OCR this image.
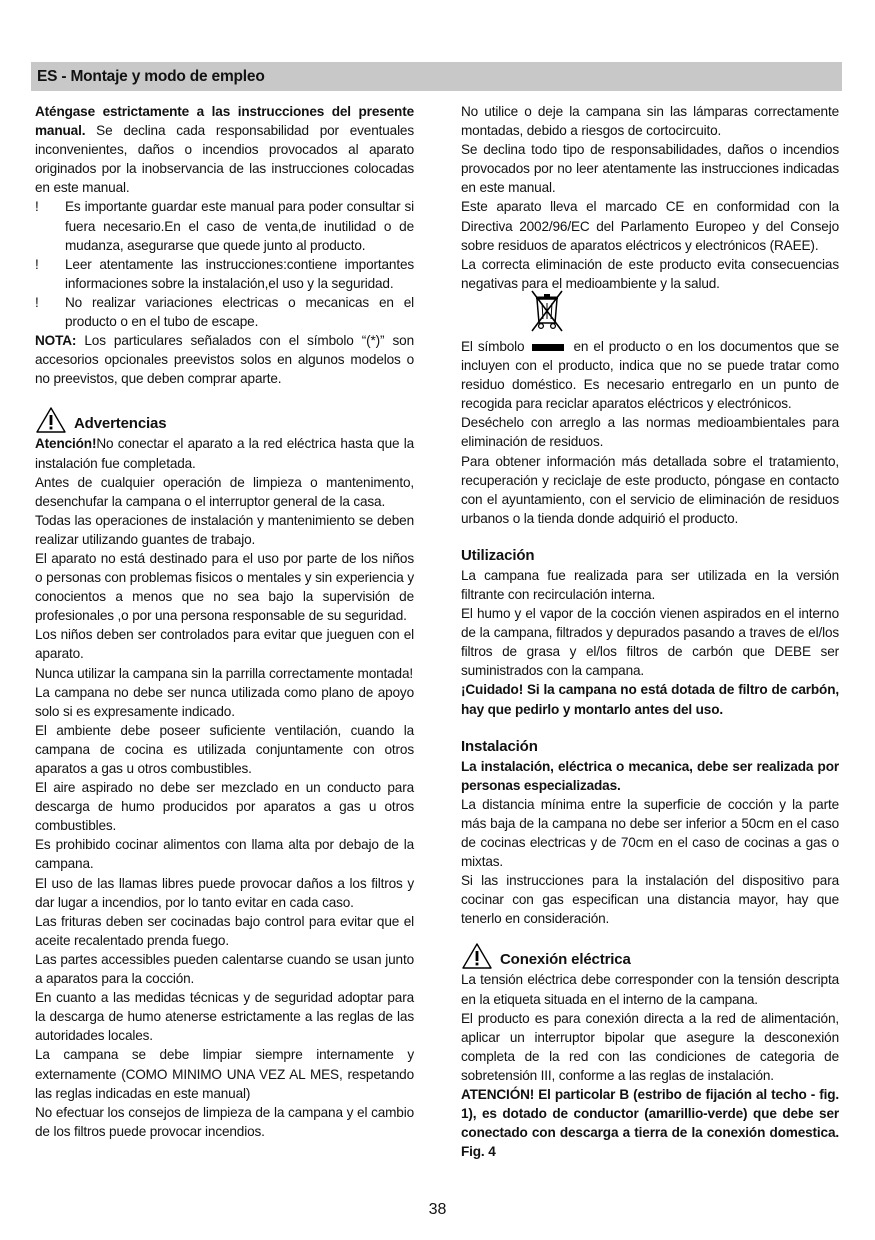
ES - Montaje y modo de empleo

Aténgase estrictamente a las instrucciones del presente manual. Se declina cada responsabilidad por eventuales inconvenientes, daños o incendios provocados al aparato originados por la inobservancia de las instrucciones colocadas en este manual.

! Es importante guardar este manual para poder consultar si fuera necesario.En el caso de venta,de inutilidad o de mudanza, asegurarse que quede junto al producto.
! Leer atentamente las instrucciones:contiene importantes informaciones sobre la instalación,el uso y la seguridad.
! No realizar variaciones electricas o mecanicas en el producto o en el tubo de escape.

NOTA: Los particulares señalados con el símbolo “(*)” son accesorios opcionales preevistos solos en algunos modelos o no preevistos, que deben comprar aparte.

Advertencias

Atención!No conectar el aparato a la red eléctrica hasta que la instalación fue completada.

Antes de cualquier operación de limpieza o mantenimento, desenchufar la campana o el interruptor general de la casa.

Todas las operaciones de instalación y mantenimiento se deben realizar utilizando guantes de trabajo.

El aparato no está destinado para el uso por parte de los niños o personas con problemas fisicos o mentales y sin experiencia y conocientos a menos que no sea bajo la supervisión de profesionales ,o por una persona responsable de su seguridad.

Los niños deben ser controlados para evitar que jueguen con el aparato.

Nunca utilizar la campana sin la parrilla correctamente montada!

La campana no debe ser nunca utilizada como plano de apoyo solo si es expresamente indicado.

El ambiente debe poseer suficiente ventilación, cuando la campana de cocina es utilizada conjuntamente con otros aparatos a gas u otros combustibles.

El aire aspirado no debe ser mezclado en un conducto para descarga de humo producidos por aparatos a gas u otros combustibles.

Es prohibido cocinar alimentos con llama alta por debajo de la campana.

El uso de las llamas libres puede provocar daños a los filtros y dar lugar a incendios, por lo tanto evitar en cada caso.

Las frituras deben ser cocinadas bajo control para evitar que el aceite recalentado prenda fuego.

Las partes accessibles pueden calentarse cuando se usan junto a aparatos para la cocción.

En cuanto a las medidas técnicas y de seguridad adoptar para la descarga de humo atenerse estrictamente a las reglas de las autoridades locales.

La campana se debe limpiar siempre internamente y externamente (COMO MINIMO UNA VEZ AL MES, respetando las reglas indicadas en este manual)

No efectuar los consejos de limpieza de la campana y el cambio de los filtros puede provocar incendios.

No utilice o deje la campana sin las lámparas correctamente montadas, debido a riesgos de cortocircuito.

Se declina todo tipo de responsabilidades, daños o incendios provocados por no leer atentamente las instrucciones indicadas en este manual.

Este aparato lleva el marcado CE en conformidad con la Directiva 2002/96/EC del Parlamento Europeo y del Consejo sobre residuos de aparatos eléctricos y electrónicos (RAEE).

La correcta eliminación de este producto evita consecuencias negativas para el medioambiente y la salud.

El símbolo	en el producto o en los documentos que se incluyen con el producto, indica que no se puede tratar como residuo doméstico. Es necesario entregarlo en un punto de recogida para reciclar aparatos eléctricos y electrónicos.

Deséchelo con arreglo a las normas medioambientales para eliminación de residuos.

Para obtener información más detallada sobre el tratamiento, recuperación y reciclaje de este producto, póngase en contacto con el ayuntamiento, con el servicio de eliminación de residuos urbanos o la tienda donde adquirió el producto.

Utilización

La campana fue realizada para ser utilizada en la versión filtrante con recirculación interna.

El humo y el vapor de la cocción vienen aspirados en el interno de la campana, filtrados y depurados pasando a traves de el/los filtros de grasa y el/los filtros de carbón que DEBE ser suministrados con la campana.

¡Cuidado! Si la campana no está dotada de filtro de carbón, hay que pedirlo y montarlo antes del uso.

Instalación

La instalación, eléctrica o mecanica, debe ser realizada por personas especializadas.

La distancia mínima entre la superficie de cocción y la parte más baja de la campana no debe ser inferior a 50cm en el caso de cocinas electricas y de 70cm en el caso de cocinas a gas o mixtas.

Si las instrucciones para la instalación del dispositivo para cocinar con gas especifican una distancia mayor, hay que tenerlo en consideración.

Conexión eléctrica

La tensión eléctrica debe corresponder con la tensión descripta en la etiqueta situada en el interno de la campana.

El producto es para conexión directa a la red de alimentación, aplicar un interruptor bipolar que asegure la desconexión completa de la red con las condiciones de categoria de sobretensión III, conforme a las reglas de instalación.

ATENCIÓN! El particolar B (estribo de fijación al techo - fig. 1), es dotado de conductor (amarillio-verde) que debe ser conectado con descarga a tierra de la conexión domestica. Fig. 4

38
